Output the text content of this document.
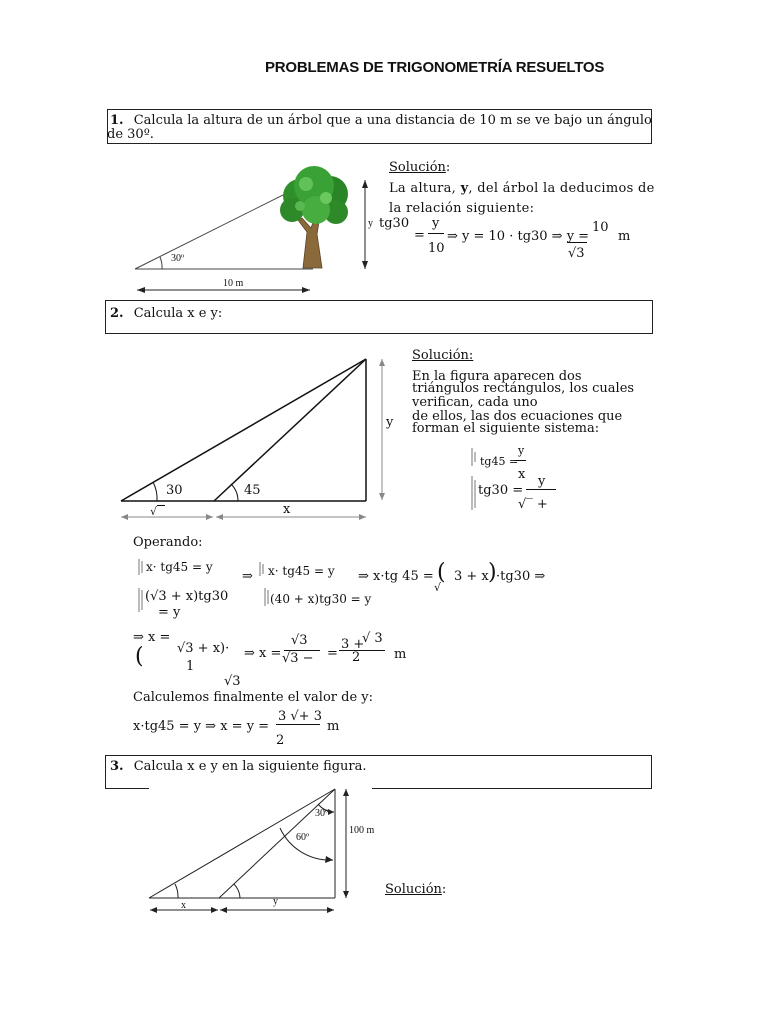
PROBLEMAS DE TRIGONOMETRÍA RESUELTOS
1. Calcula la altura de un árbol que a una distancia de 10 m se ve bajo un ángulo
de 30º.
30º
10 m
y
Solución:
La altura, y, del árbol la deducimos de
la relación siguiente:
tg30
=
y
10
⇒ y = 10 · tg30 ⇒ y =
10
√3
m
2. Calcula x e y:
30	45
y
x
√
Solución:
En la figura aparecen dos
triángulos rectángulos, los cuales
verifican, cada uno
de ellos, las dos ecuaciones que
forman el siguiente sistema:
tg45 =
y
x
tg30 =
y
√‾ +
Operando:
x· tg45 = y
(√3 + x)tg30
= y
⇒ x· tg45 = y
(40 + x)tg30 = y
⇒ x·tg 45 = (
√
3 + x ) ·tg30 ⇒
⇒ x =
(	√3 + x)·
1
√3
⇒ x =
√3
√3 − =
3 +
√ 3
2	m
Calculemos finalmente el valor de y:
x·tg45 = y ⇒ x = y =
3 √+ 3
2
m
3. Calcula x e y en la siguiente figura.
30º
60º
100 m
x	y
Solución:
